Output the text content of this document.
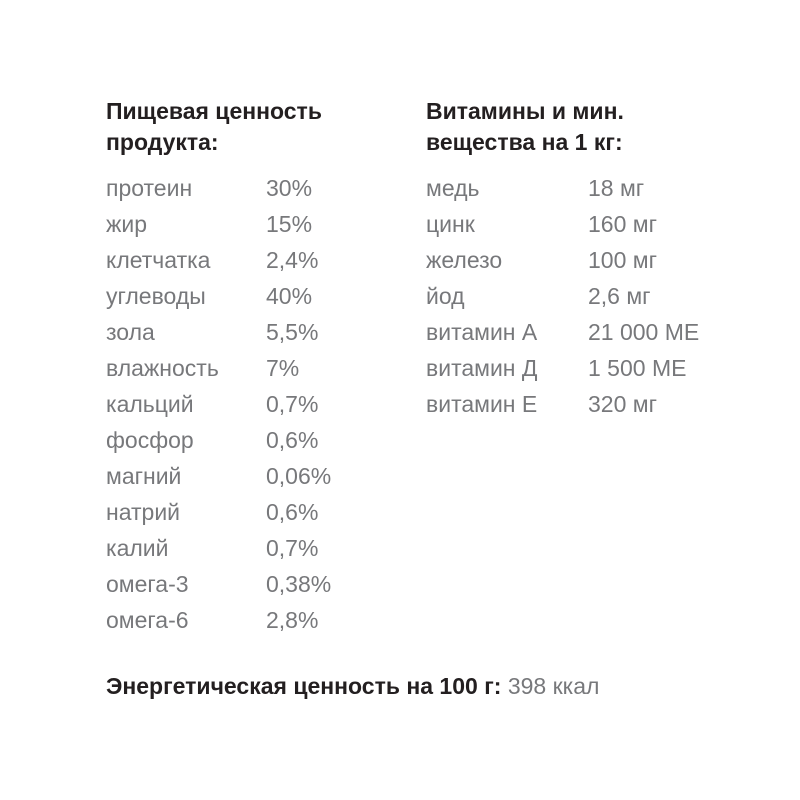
Пищевая ценность
продукта:
протеин	30%
жир	15%
клетчатка	2,4%
углеводы	40%
зола	5,5%
влажность	7%
кальций	0,7%
фосфор	0,6%
магний	0,06%
натрий	0,6%
калий	0,7%
омега-3	0,38%
омега-6	2,8%
Витамины и мин.
вещества на 1 кг:
медь	18 мг
цинк	160 мг
железо	100 мг
йод	2,6 мг
витамин А	21 000 МЕ
витамин Д	1 500 МЕ
витамин Е	320 мг
Энергетическая ценность на 100 г: 398 ккал
